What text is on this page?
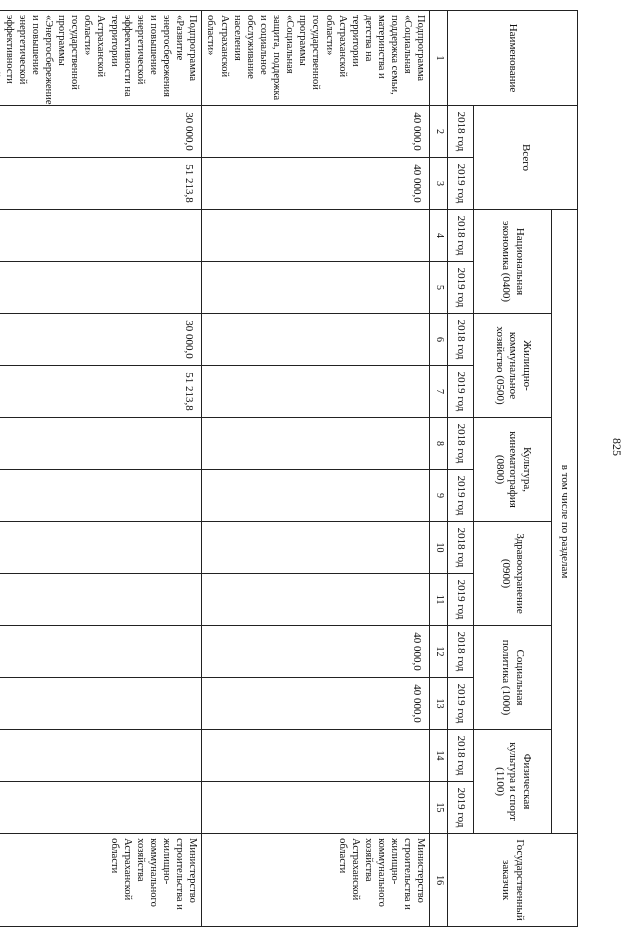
825
Наименование	Всего		в том числе по разделам												Государственный заказчик
			Национальная экономика (0400)		Жилищно-коммунальное хозяйство (0500)		Культура, кинематография (0800)		Здравоохранение (0900)		Социальная политика (1000)		Физическая культура и спорт (1100)		
	2018 год	2019 год	2018 год	2019 год	2018 год	2019 год	2018 год	2019 год	2018 год	2019 год	2018 год	2019 год	2018 год	2019 год	
1	2	3	4	5	6	7	8	9	10	11	12	13	14	15	16
Подпрограмма «Социальная поддержка семьи, материнства и детства на территории Астраханской области» государственной программы «Социальная защита, поддержка и социальное обслуживание населения Астраханской области»	40 000,0	40 000,0									40 000,0	40 000,0			Министерство строительства и жилищно-коммунального хозяйства Астраханской области
Подпрограмма «Развитие энергосбережения и повышение энергетической эффективности на территории Астраханской области» государственной программы «Энергосбережение и повышение энергетической эффективности	30 000,0	51 213,8			30 000,0	51 213,8									Министерство строительства и жилищно-коммунального хозяйства Астраханской области
